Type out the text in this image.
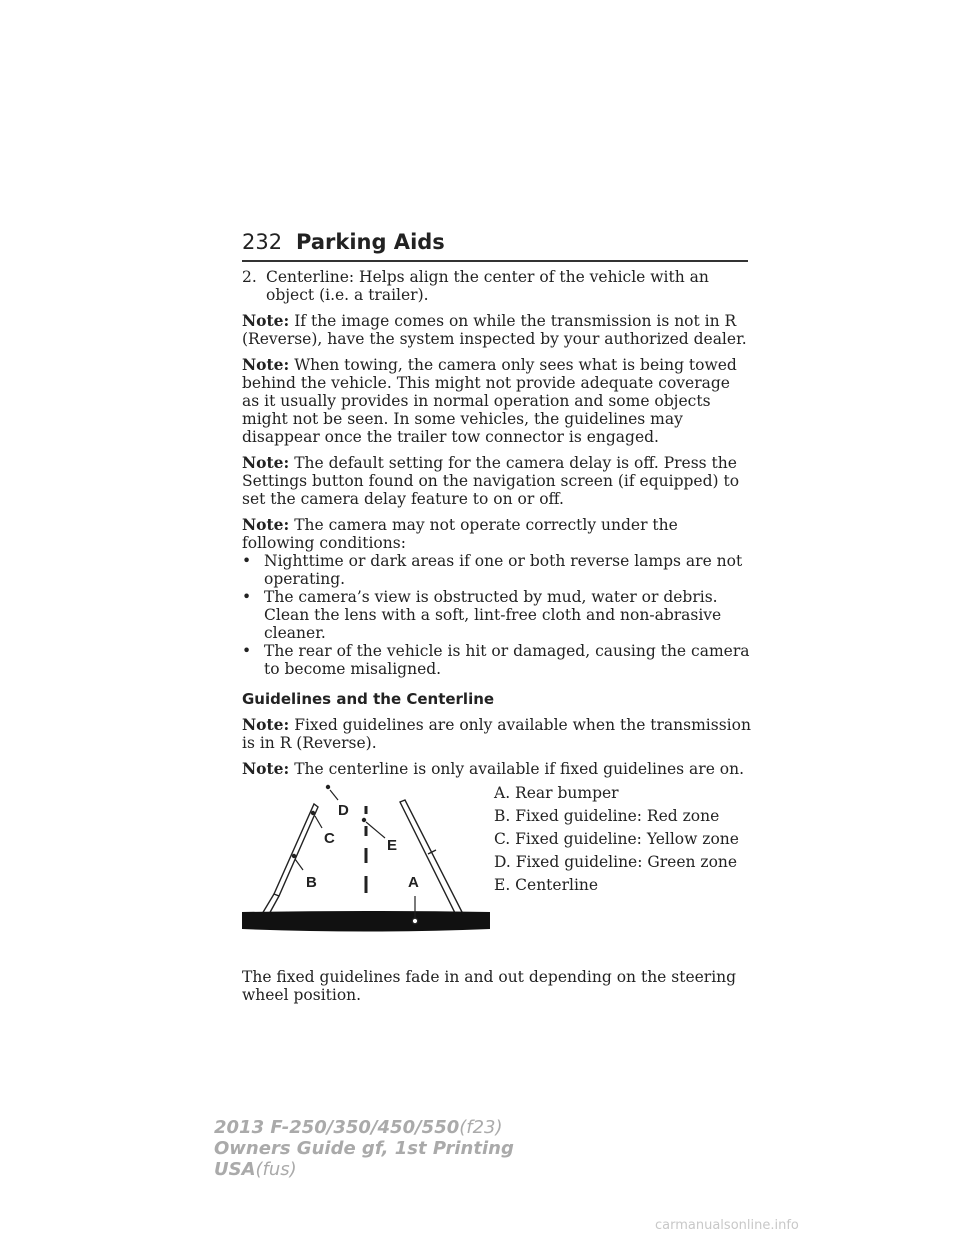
232 Parking Aids

2. Centerline: Helps align the center of the vehicle with an object (i.e. a trailer).

Note: If the image comes on while the transmission is not in R (Reverse), have the system inspected by your authorized dealer.

Note: When towing, the camera only sees what is being towed behind the vehicle. This might not provide adequate coverage as it usually provides in normal operation and some objects might not be seen. In some vehicles, the guidelines may disappear once the trailer tow connector is engaged.

Note: The default setting for the camera delay is off. Press the Settings button found on the navigation screen (if equipped) to set the camera delay feature to on or off.

Note: The camera may not operate correctly under the following conditions:

• Nighttime or dark areas if one or both reverse lamps are not operating.
• The camera’s view is obstructed by mud, water or debris. Clean the lens with a soft, lint-free cloth and non-abrasive cleaner.
• The rear of the vehicle is hit or damaged, causing the camera to become misaligned.
Guidelines and the Centerline

Note: Fixed guidelines are only available when the transmission is in R (Reverse).

Note: The centerline is only available if fixed guidelines are on.

D
C
B
E
A
A. Rear bumper
B. Fixed guideline: Red zone
C. Fixed guideline: Yellow zone
D. Fixed guideline: Green zone
E. Centerline

The fixed guidelines fade in and out depending on the steering wheel position.

2013 F-250/350/450/550(f23)
Owners Guide gf, 1st Printing
USA(fus)
carmanualsonline.info
